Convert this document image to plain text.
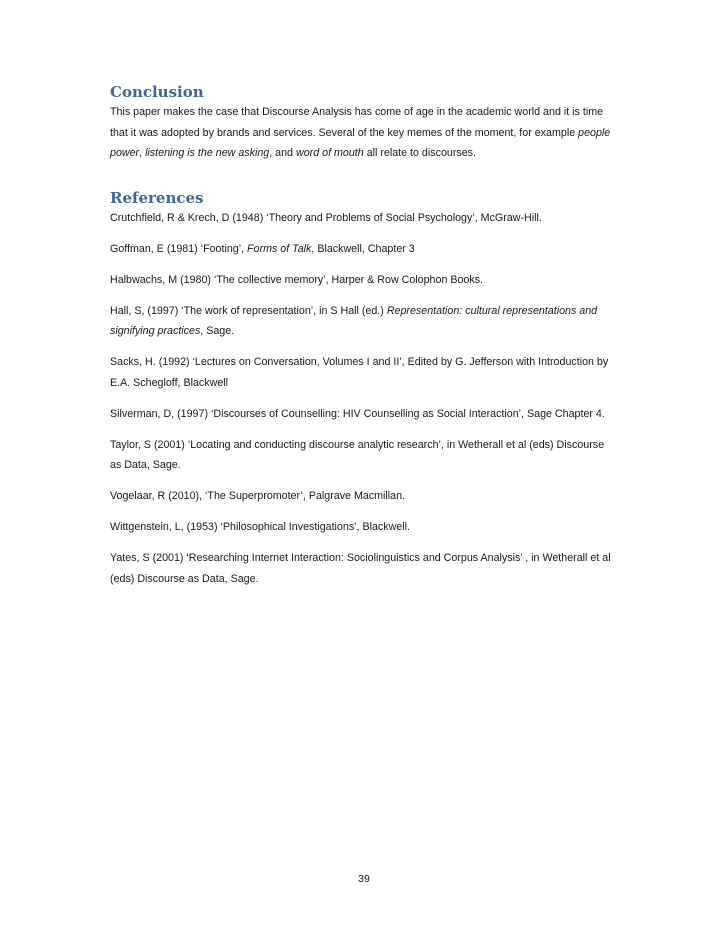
Conclusion

This paper makes the case that Discourse Analysis has come of age in the academic world and it is time that it was adopted by brands and services. Several of the key memes of the moment, for example people power, listening is the new asking, and word of mouth all relate to discourses.

References

Crutchfield, R & Krech, D (1948) ‘Theory and Problems of Social Psychology’, McGraw-Hill.

Goffman, E (1981) ‘Footing’, Forms of Talk, Blackwell, Chapter 3

Halbwachs, M (1980) ‘The collective memory’, Harper & Row Colophon Books.

Hall, S, (1997) ‘The work of representation’, in S Hall (ed.) Representation: cultural representations and signifying practices, Sage.

Sacks, H. (1992) ‘Lectures on Conversation, Volumes I and II’, Edited by G. Jefferson with Introduction by E.A. Schegloff, Blackwell

Silverman, D, (1997) ‘Discourses of Counselling: HIV Counselling as Social Interaction’, Sage Chapter 4.

Taylor, S (2001) ‘Locating and conducting discourse analytic research’, in Wetherall et al (eds) Discourse as Data, Sage.

Vogelaar, R (2010), ‘The Superpromoter’, Palgrave Macmillan.

Wittgenstein, L, (1953) ‘Philosophical Investigations’, Blackwell.

Yates, S (2001) ‘Researching Internet Interaction: Sociolinguistics and Corpus Analysis’ , in Wetherall et al (eds) Discourse as Data, Sage.

39
